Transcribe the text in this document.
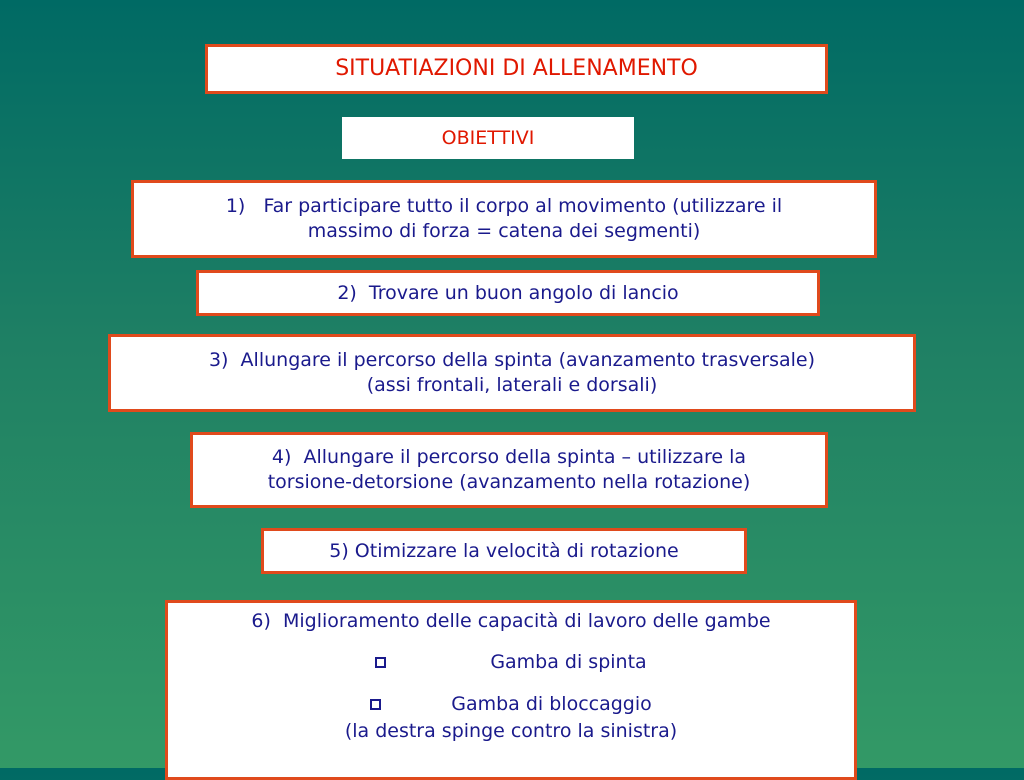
SITUATIAZIONI DI ALLENAMENTO
OBIETTIVI
1)   Far participare tutto il corpo al movimento (utilizzare il
massimo di forza = catena dei segmenti)
2)  Trovare un buon angolo di lancio
3)  Allungare il percorso della spinta (avanzamento trasversale)
(assi frontali, laterali e dorsali)
4)  Allungare il percorso della spinta – utilizzare la
torsione-detorsione (avanzamento nella rotazione)
5) Otimizzare la velocità di rotazione
6)  Miglioramento delle capacità di lavoro delle gambe
Gamba di spinta
Gamba di bloccaggio
(la destra spinge contro la sinistra)
